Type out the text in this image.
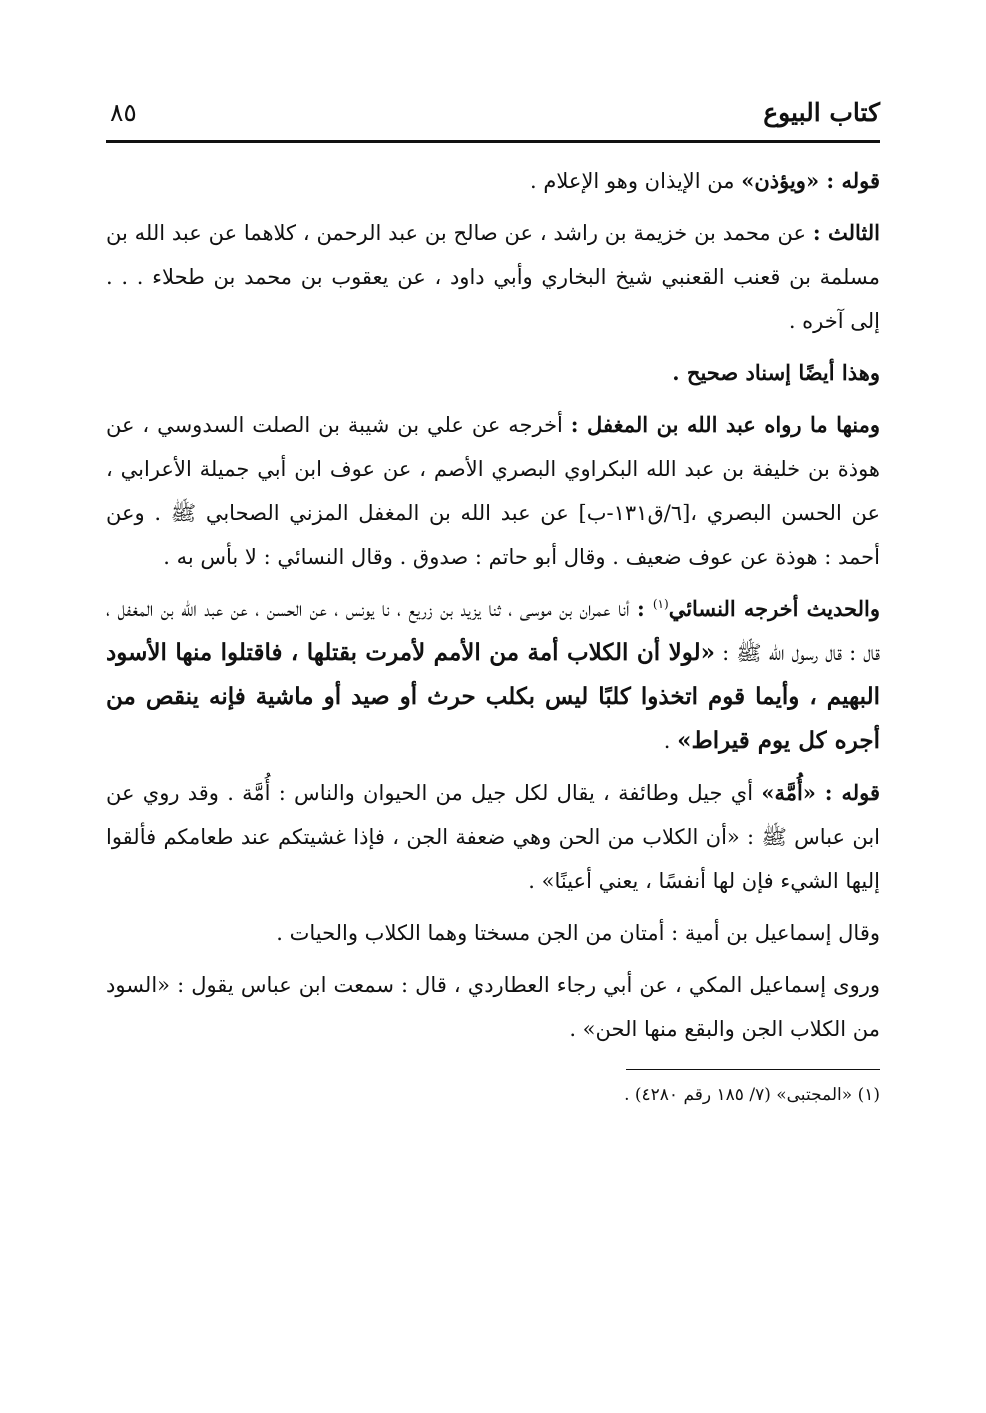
كتاب البيوع
٨٥

قوله : «ويؤذن» من الإيذان وهو الإعلام .

الثالث : عن محمد بن خزيمة بن راشد ، عن صالح بن عبد الرحمن ، كلاهما عن عبد الله بن مسلمة بن قعنب القعنبي شيخ البخاري وأبي داود ، عن يعقوب بن محمد بن طحلاء . . . إلى آخره .

وهذا أيضًا إسناد صحيح .

ومنها ما رواه عبد الله بن المغفل : أخرجه عن علي بن شيبة بن الصلت السدوسي ، عن هوذة بن خليفة بن عبد الله البكراوي البصري الأصم ، عن عوف ابن أبي جميلة الأعرابي ، عن الحسن البصري ،[٦/ق١٣١-ب] عن عبد الله بن المغفل المزني الصحابي ﷺ . وعن أحمد : هوذة عن عوف ضعيف . وقال أبو حاتم : صدوق . وقال النسائي : لا بأس به .

والحديث أخرجه النسائي$^{(١)}$ : أنا عمران بن موسى ، ثنا يزيد بن زريع ، نا يونس ، عن الحسن ، عن عبد الله بن المغفل ، قال : قال رسول الله ﷺ : «لولا أن الكلاب أمة من الأمم لأمرت بقتلها ، فاقتلوا منها الأسود البهيم ، وأيما قوم اتخذوا كلبًا ليس بكلب حرث أو صيد أو ماشية فإنه ينقص من أجره كل يوم قيراط» .

قوله : «أُمَّة» أي جيل وطائفة ، يقال لكل جيل من الحيوان والناس : أُمَّة . وقد روي عن ابن عباس ﷺ : «أن الكلاب من الحن وهي ضعفة الجن ، فإذا غشيتكم عند طعامكم فألقوا إليها الشيء فإن لها أنفسًا ، يعني أعينًا» .

وقال إسماعيل بن أمية : أمتان من الجن مسختا وهما الكلاب والحيات .

وروى إسماعيل المكي ، عن أبي رجاء العطاردي ، قال : سمعت ابن عباس يقول : «السود من الكلاب الجن والبقع منها الحن» .

(١) «المجتبى» (٧/ ١٨٥ رقم ٤٢٨٠) .
